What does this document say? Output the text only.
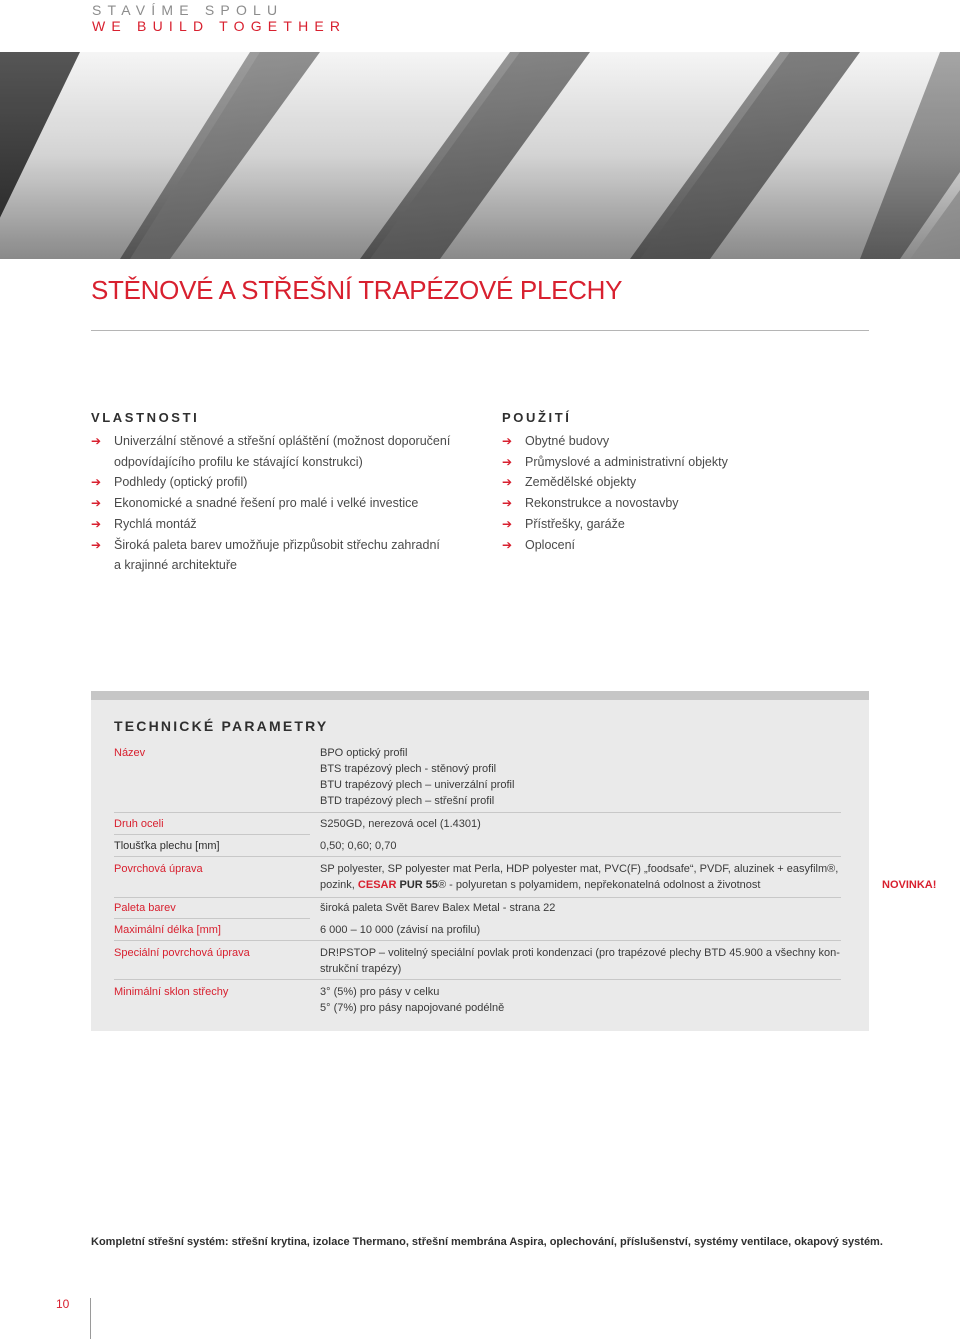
STAVÍME SPOLU
WE BUILD TOGETHER
STĚNOVÉ A STŘEŠNÍ TRAPÉZOVÉ PLECHY
VLASTNOSTI
➔ Univerzální stěnové a střešní opláštění (možnost doporučení
odpovídajícího profilu ke stávající konstrukci)
➔ Podhledy (optický profil)
➔ Ekonomické a snadné řešení pro malé i velké investice
➔ Rychlá montáž
➔ Široká paleta barev umožňuje přizpůsobit střechu zahradní
a krajinné architektuře
POUŽITÍ
➔ Obytné budovy
➔ Průmyslové a administrativní objekty
➔ Zemědělské objekty
➔ Rekonstrukce a novostavby
➔ Přístřešky, garáže
➔ Oplocení
TECHNICKÉ PARAMETRY
Název	BPO optický profil
BTS trapézový plech - stěnový profil
BTU trapézový plech – univerzální profil
BTD trapézový plech – střešní profil
Druh oceli	S250GD, nerezová ocel (1.4301)
Tloušťka plechu [mm]	0,50; 0,60; 0,70
Povrchová úprava	SP polyester, SP polyester mat Perla, HDP polyester mat, PVC(F) „foodsafe“, PVDF, aluzinek + easyfilm®,
pozink, CESAR PUR 55® - polyuretan s polyamidem, nepřekonatelná odolnost a životnost
Paleta barev	široká paleta Svět Barev Balex Metal - strana 22
Maximální délka [mm]	6 000 – 10 000 (závisí na profilu)
Speciální povrchová úprava	DR!PSTOP – volitelný speciální povlak proti kondenzaci (pro trapézové plechy BTD 45.900 a všechny kon-
strukční trapézy)
Minimální sklon střechy	3° (5%) pro pásy v celku
5° (7%) pro pásy napojované podélně
NOVINKA!
Kompletní střešní systém: střešní krytina, izolace Thermano, střešní membrána Aspira, oplechování, příslušenství, systémy ventilace, okapový systém.
10
